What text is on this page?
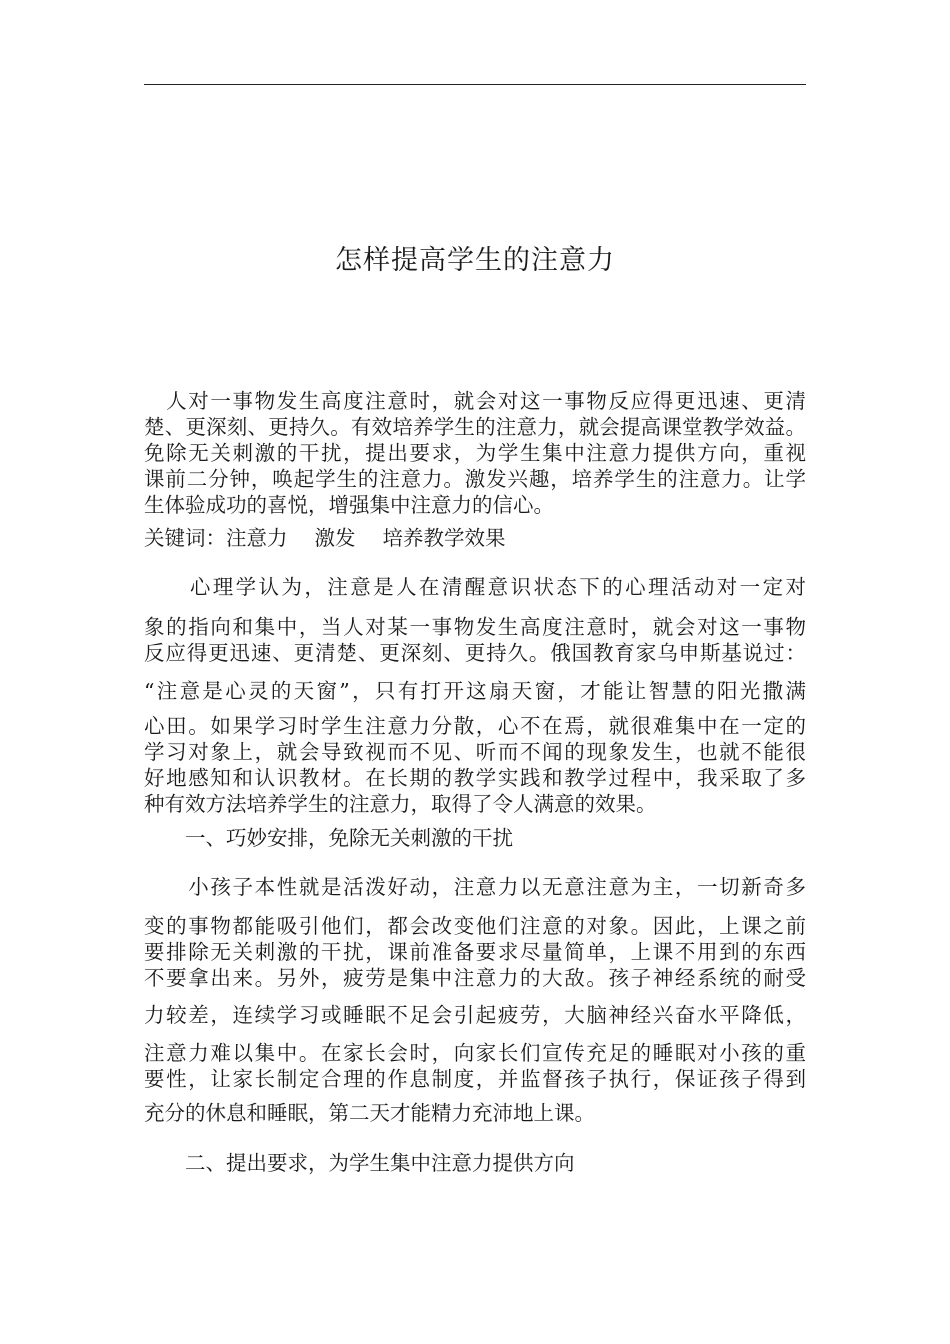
怎样提高学生的注意力
　人对一事物发生高度注意时，就会对这一事物反应得更迅速、更清
楚、更深刻、更持久。有效培养学生的注意力，就会提高课堂教学效益。
免除无关刺激的干扰，提出要求，为学生集中注意力提供方向，重视
课前二分钟，唤起学生的注意力。激发兴趣，培养学生的注意力。让学
生体验成功的喜悦，增强集中注意力的信心。
关键词：注意力　 激发　 培养教学效果
　　心理学认为，注意是人在清醒意识状态下的心理活动对一定对
象的指向和集中，当人对某一事物发生高度注意时，就会对这一事物
反应得更迅速、更清楚、更深刻、更持久。俄国教育家乌申斯基说过：
“注意是心灵的天窗”，只有打开这扇天窗，才能让智慧的阳光撒满
心田。如果学习时学生注意力分散，心不在焉，就很难集中在一定的
学习对象上，就会导致视而不见、听而不闻的现象发生，也就不能很
好地感知和认识教材。在长期的教学实践和教学过程中，我采取了多
种有效方法培养学生的注意力，取得了令人满意的效果。
　　一、巧妙安排，免除无关刺激的干扰
　　小孩子本性就是活泼好动，注意力以无意注意为主，一切新奇多
变的事物都能吸引他们，都会改变他们注意的对象。因此，上课之前
要排除无关刺激的干扰，课前准备要求尽量简单，上课不用到的东西
不要拿出来。另外，疲劳是集中注意力的大敌。孩子神经系统的耐受
力较差，连续学习或睡眠不足会引起疲劳，大脑神经兴奋水平降低，
注意力难以集中。在家长会时，向家长们宣传充足的睡眠对小孩的重
要性，让家长制定合理的作息制度，并监督孩子执行，保证孩子得到
充分的休息和睡眠，第二天才能精力充沛地上课。
　　二、提出要求，为学生集中注意力提供方向
